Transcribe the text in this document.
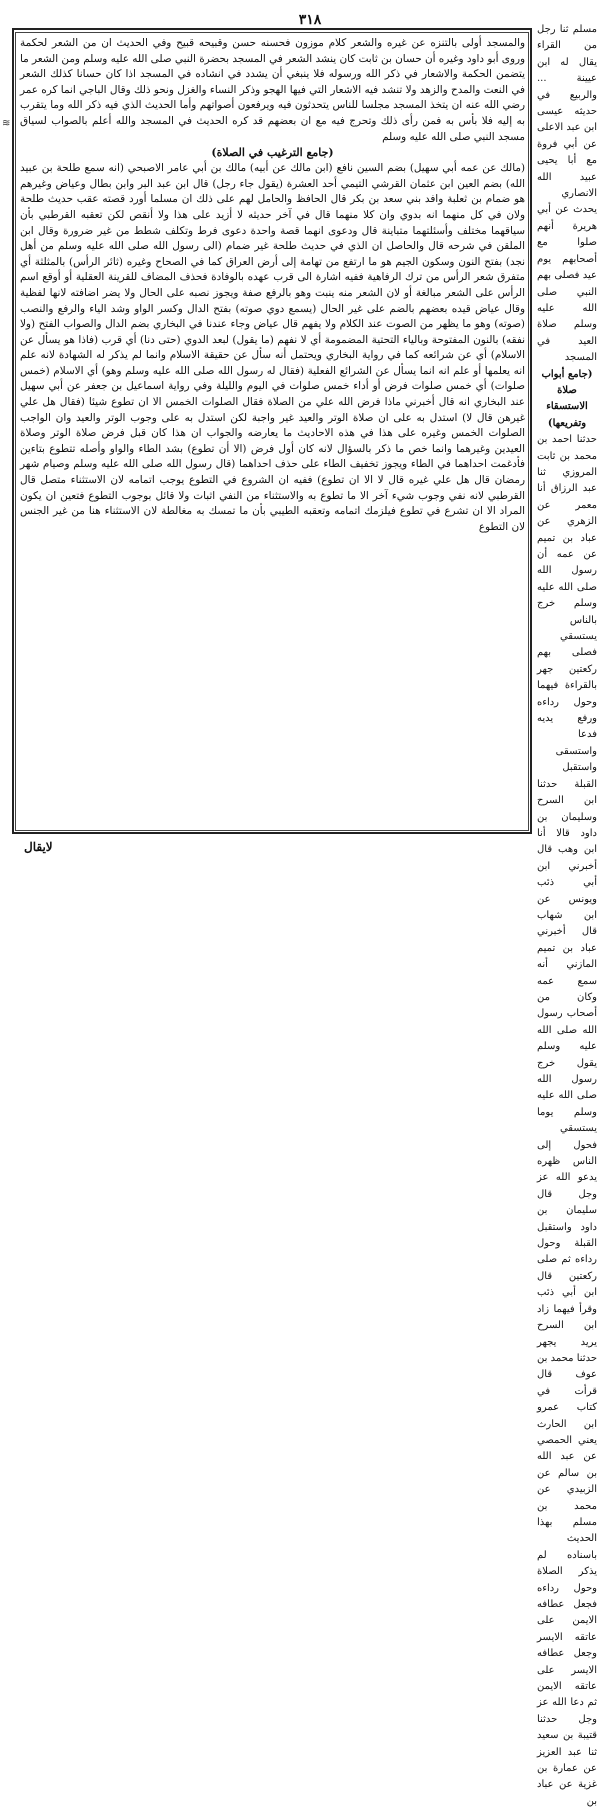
٣١٨
≋

والمسجد أولى بالتنزه عن غيره والشعر كلام موزون فحسنه حسن وقبيحه قبيح وفي الحديث ان من الشعر لحكمة وروى أبو داود وغيره أن حسان بن ثابت كان ينشد الشعر في المسجد بحضرة النبي صلى الله عليه وسلم ومن الشعر ما يتضمن الحكمة والاشعار في ذكر الله ورسوله فلا ينبغي أن يشدد في انشاده في المسجد اذا كان حسانا كذلك الشعر في النعت والمدح والزهد ولا تنشد فيه الاشعار التي فيها الهجو وذكر النساء والغزل ونحو ذلك وقال الباجي انما كره عمر رضي الله عنه ان يتخذ المسجد مجلسا للناس يتحدثون فيه ويرفعون أصواتهم وأما الحديث الذي فيه ذكر الله وما يتقرب به إليه فلا بأس به فمن رأى ذلك وتحرج فيه مع ان بعضهم قد كره الحديث في المسجد والله أعلم بالصواب لسياق مسجد النبي صلى الله عليه وسلم

(جامع الترغيب في الصلاة)

(مالك عن عمه أبي سهيل) بضم السين نافع (ابن مالك عن أبيه) مالك بن أبي عامر الاصبحي (انه سمع طلحة بن عبيد الله) بضم العين ابن عثمان القرشي التيمي أحد العشرة (يقول جاء رجل) قال ابن عبد البر وابن بطال وعياض وغيرهم هو ضمام بن ثعلبة وافد بني سعد بن بكر قال الحافظ والحامل لهم على ذلك ان مسلما أورد قصته عقب حديث طلحة ولان في كل منهما انه بدوي وان كلا منهما قال في آخر حديثه لا أزيد على هذا ولا أنقص لكن تعقبه القرطبي بأن سياقهما مختلف وأسئلتهما متباينة قال ودعوى انهما قصة واحدة دعوى فرط وتكلف شطط من غير ضرورة وقال ابن الملقن في شرحه قال والحاصل ان الذي في حديث طلحة غير ضمام (الى رسول الله صلى الله عليه وسلم من أهل نجد) بفتح النون وسكون الجيم هو ما ارتفع من تهامة إلى أرض العراق كما في الصحاح وغيره (ثائر الرأس) بالمثلثة أي متفرق شعر الرأس من ترك الرفاهية ففيه اشارة الى قرب عهده بالوفادة فحذف المضاف للقرينة العقلية أو أوقع اسم الرأس على الشعر مبالغة أو لان الشعر منه ينبت وهو بالرفع صفة ويجوز نصبه على الحال ولا يضر اضافته لانها لفظية وقال عياض قيده بعضهم بالضم على غير الحال (يسمع دوي صوته) بفتح الدال وكسر الواو وشد الياء والرفع والنصب (صوته) وهو ما يظهر من الصوت عند الكلام ولا يفهم قال عياض وجاء عندنا في البخاري بضم الدال والصواب الفتح (ولا نفقه) بالنون المفتوحة وبالياء التحتية المضمومة أي لا نفهم (ما يقول) لبعد الدوي (حتى دنا) أي قرب (فاذا هو يسأل عن الاسلام) أي عن شرائعه كما في رواية البخاري ويحتمل أنه سأل عن حقيقة الاسلام وانما لم يذكر له الشهادة لانه علم انه يعلمها أو علم انه انما يسأل عن الشرائع الفعلية (فقال له رسول الله صلى الله عليه وسلم وهو) أي الاسلام (خمس صلوات) أي خمس صلوات فرض أو أداء خمس صلوات في اليوم والليلة وفي رواية اسماعيل بن جعفر عن أبي سهيل عند البخاري انه قال أخبرني ماذا فرض الله علي من الصلاة فقال الصلوات الخمس الا ان تطوع شيئا (فقال هل علي غيرهن قال لا) استدل به على ان صلاة الوتر والعيد غير واجبة لكن استدل به على وجوب الوتر والعيد وان الواجب الصلوات الخمس وغيره على هذا في هذه الاحاديث ما يعارضه والجواب ان هذا كان قبل فرض صلاة الوتر وصلاة العيدين وغيرهما وانما خص ما ذكر بالسؤال لانه كان أول فرض (الا أن تطوع) بشد الطاء والواو وأصله تتطوع بتاءين فأدغمت احداهما في الطاء ويجوز تخفيف الطاء على حذف احداهما (قال رسول الله صلى الله عليه وسلم وصيام شهر رمضان قال هل علي غيره قال لا الا ان تطوع) ففيه ان الشروع في التطوع يوجب اتمامه لان الاستثناء متصل قال القرطبي لانه نفي وجوب شيء آخر الا ما تطوع به والاستثناء من النفي اثبات ولا قائل بوجوب التطوع فتعين ان يكون المراد الا ان تشرع في تطوع فيلزمك اتمامه وتعقبه الطيبي بأن ما تمسك به مغالطة لان الاستثناء هنا من غير الجنس لان التطوع

مسلم ثنا رجل من القراء يقال له ابن عيينة ... والربيع في حديثه عيسى ابن عبد الاعلى عن أبي فروة مع أبا يحيى عبيد الله الانصاري يحدث عن أبي هريرة أنهم صلوا مع أصحابهم يوم عيد فصلى بهم النبي صلى الله عليه وسلم صلاة العيد في المسجد

(جامع أبواب صلاة الاستسقاء وتفريعها)

حدثنا احمد بن محمد بن ثابت المروزي ثنا عبد الرزاق أنا معمر عن الزهري عن عباد بن تميم عن عمه أن رسول الله صلى الله عليه وسلم خرج بالناس يستسقي فصلى بهم ركعتين جهر بالقراءة فيهما وحول رداءه ورفع يديه فدعا واستسقى واستقبل القبلة حدثنا ابن السرح وسليمان بن داود قالا أنا ابن وهب قال أخبرني ابن أبي ذئب ويونس عن ابن شهاب قال أخبرني عباد بن تميم المازني أنه سمع عمه وكان من أصحاب رسول الله صلى الله عليه وسلم يقول خرج رسول الله صلى الله عليه وسلم يوما يستسقي فحول إلى الناس ظهره يدعو الله عز وجل قال سليمان بن داود واستقبل القبلة وحول رداءه ثم صلى ركعتين قال ابن أبي ذئب وقرأ فيهما زاد ابن السرح يريد يجهر حدثنا محمد بن عوف قال قرأت في كتاب عمرو ابن الحارث يعني الحمصي عن عبد الله بن سالم عن الزبيدي عن محمد بن مسلم بهذا الحديث باسناده لم يذكر الصلاة وحول رداءه فجعل عطافه الايمن على عاتقه الايسر وجعل عطافه الايسر على عاتقه الايمن ثم دعا الله عز وجل حدثنا قتيبة بن سعيد ثنا عبد العزيز عن عمارة بن غزية عن عباد بن

لايقال
